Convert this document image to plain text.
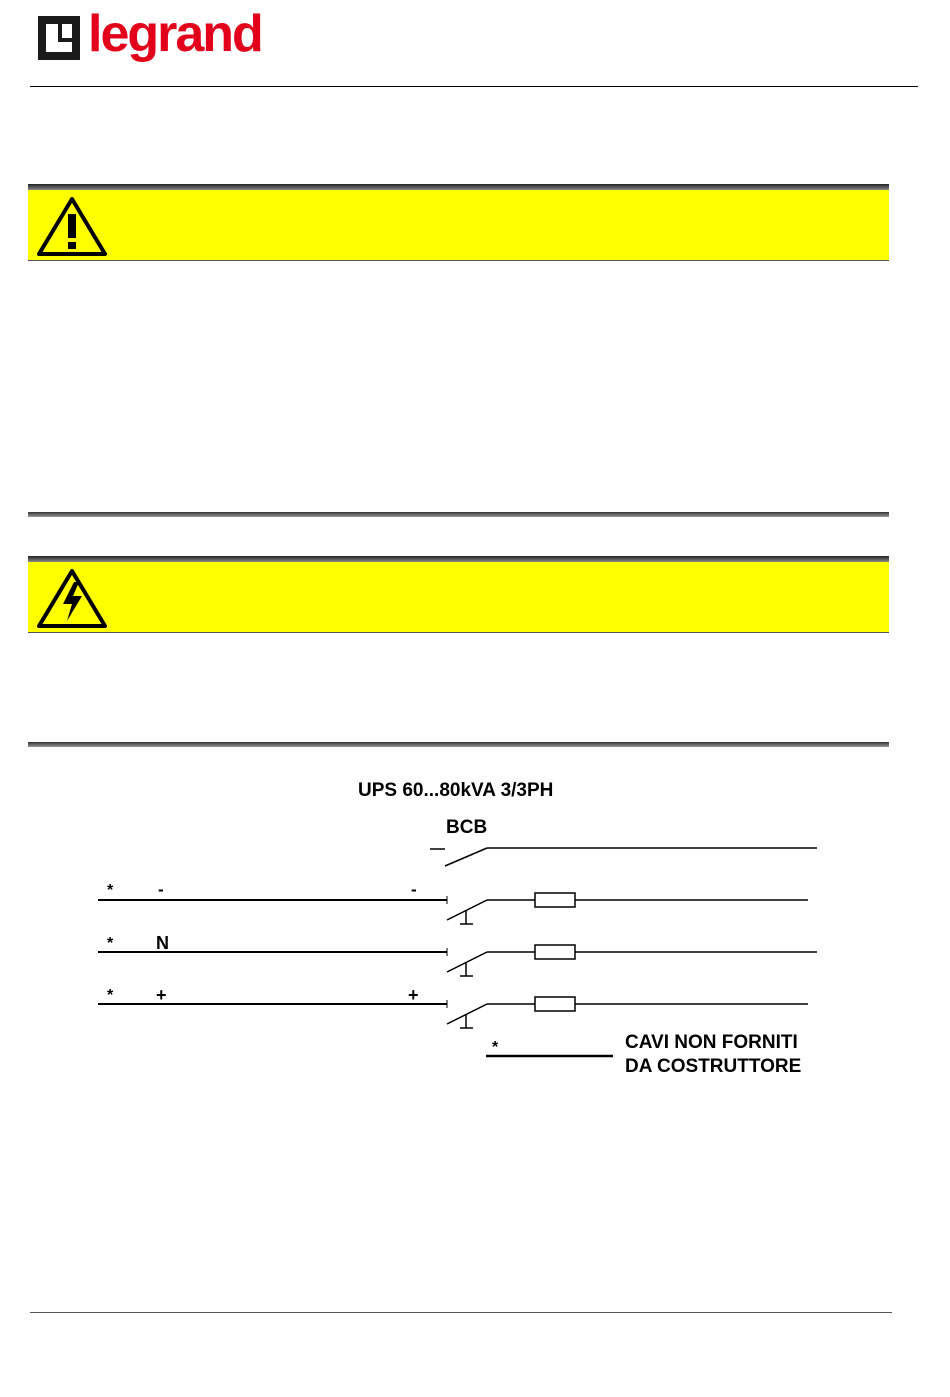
legrand
UPS 60...80kVA 3/3PH
BCB
*	-	-
* N
* +	+
*	CAVI NON FORNITI
DA COSTRUTTORE
